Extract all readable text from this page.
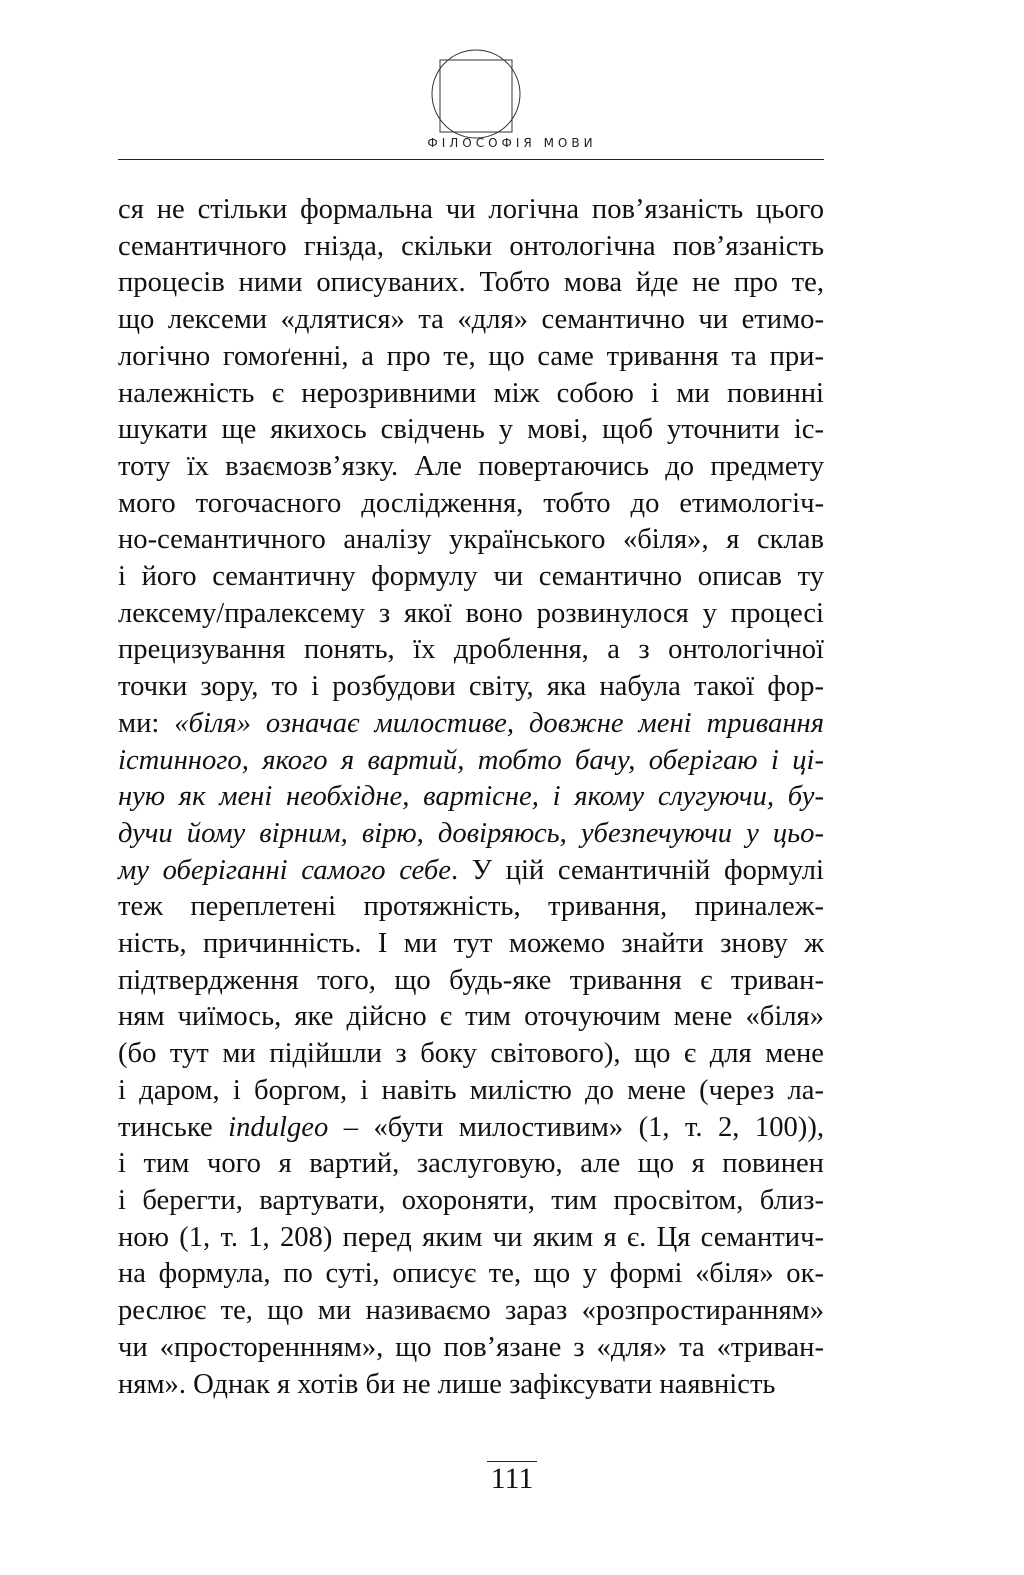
ФІЛОСОФІЯ МОВИ
ся не стільки формальна чи логічна пов’язаність цього
семантичного гнізда, скільки онтологічна пов’язаність
процесів ними описуваних. Тобто мова йде не про те,
що лексеми «длятися» та «для» семантично чи етимо-
логічно гомоґенні, а про те, що саме тривання та при-
належність є нерозривними між собою і ми повинні
шукати ще якихось свідчень у мові, щоб уточнити іс-
тоту їх взаємозв’язку. Але повертаючись до предмету
мого тогочасного дослідження, тобто до етимологіч-
но-семантичного аналізу українського «біля», я склав
і його семантичну формулу чи семантично описав ту
лексему/пралексему з якої воно розвинулося у процесі
прецизування понять, їх дроблення, а з онтологічної
точки зору, то і розбудови світу, яка набула такої фор-
ми: «біля» означає милостиве, довжне мені тривання
істинного, якого я вартий, тобто бачу, оберігаю і ці-
ную як мені необхідне, вартісне, і якому слугуючи, бу-
дучи йому вірним, вірю, довіряюсь, убезпечуючи у цьо-
му оберіганні самого себе. У цій семантичній формулі
теж переплетені протяжність, тривання, приналеж-
ність, причинність. І ми тут можемо знайти знову ж
підтвердження того, що будь-яке тривання є триван-
ням чиїмось, яке дійсно є тим оточуючим мене «біля»
(бо тут ми підійшли з боку світового), що є для мене
і даром, і боргом, і навіть милістю до мене (через ла-
тинське indulgeo – «бути милостивим» (1, т. 2, 100)),
і тим чого я вартий, заслуговую, але що я повинен
і берегти, вартувати, охороняти, тим просвітом, близ-
ною (1, т. 1, 208) перед яким чи яким я є. Ця семантич-
на формула, по суті, описує те, що у формі «біля» ок-
реслює те, що ми називаємо зараз «розпростиранням»
чи «простореннням», що пов’язане з «для» та «триван-
ням». Однак я хотів би не лише зафіксувати наявність
111
